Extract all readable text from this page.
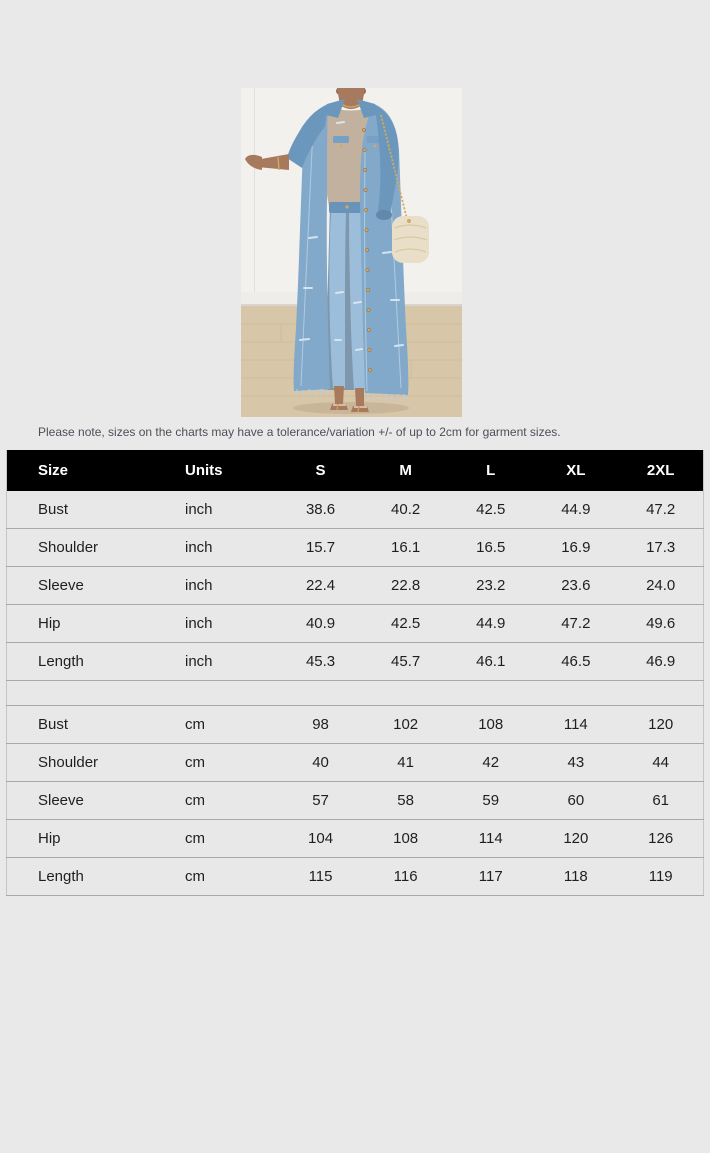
Please note, sizes on the charts may have a tolerance/variation +/- of up to 2cm for garment sizes.

Size	Units	S	M	L	XL	2XL
Bust	inch	38.6	40.2	42.5	44.9	47.2
Shoulder	inch	15.7	16.1	16.5	16.9	17.3
Sleeve	inch	22.4	22.8	23.2	23.6	24.0
Hip	inch	40.9	42.5	44.9	47.2	49.6
Length	inch	45.3	45.7	46.1	46.5	46.9

Bust	cm	98	102	108	114	120
Shoulder	cm	40	41	42	43	44
Sleeve	cm	57	58	59	60	61
Hip	cm	104	108	114	120	126
Length	cm	115	116	117	118	119
